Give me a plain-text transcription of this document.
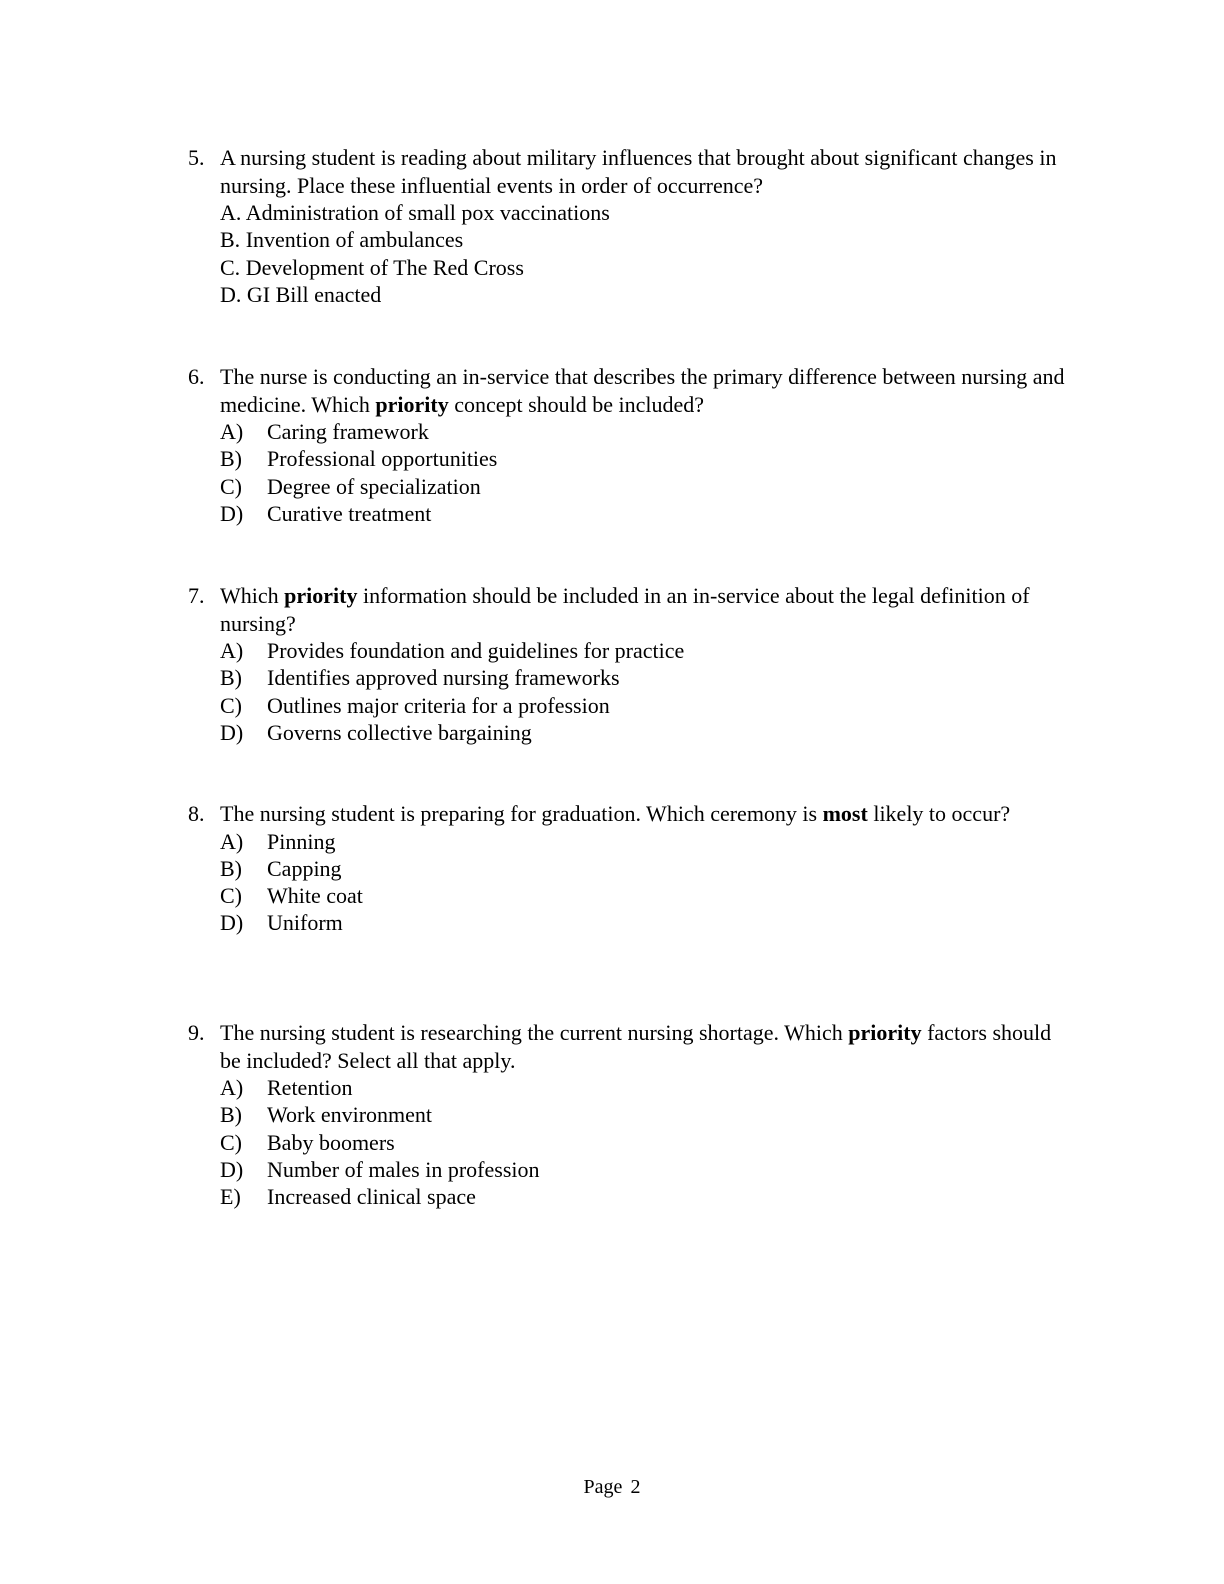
5. A nursing student is reading about military influences that brought about significant changes in nursing. Place these influential events in order of occurrence?
A. Administration of small pox vaccinations
B. Invention of ambulances
C. Development of The Red Cross
D. GI Bill enacted
6. The nurse is conducting an in-service that describes the primary difference between nursing and medicine. Which priority concept should be included?
A) Caring framework
B) Professional opportunities
C) Degree of specialization
D) Curative treatment
7. Which priority information should be included in an in-service about the legal definition of nursing?
A) Provides foundation and guidelines for practice
B) Identifies approved nursing frameworks
C) Outlines major criteria for a profession
D) Governs collective bargaining
8. The nursing student is preparing for graduation. Which ceremony is most likely to occur?
A) Pinning
B) Capping
C) White coat
D) Uniform
9. The nursing student is researching the current nursing shortage. Which priority factors should be included? Select all that apply.
A) Retention
B) Work environment
C) Baby boomers
D) Number of males in profession
E) Increased clinical space
Page 2
